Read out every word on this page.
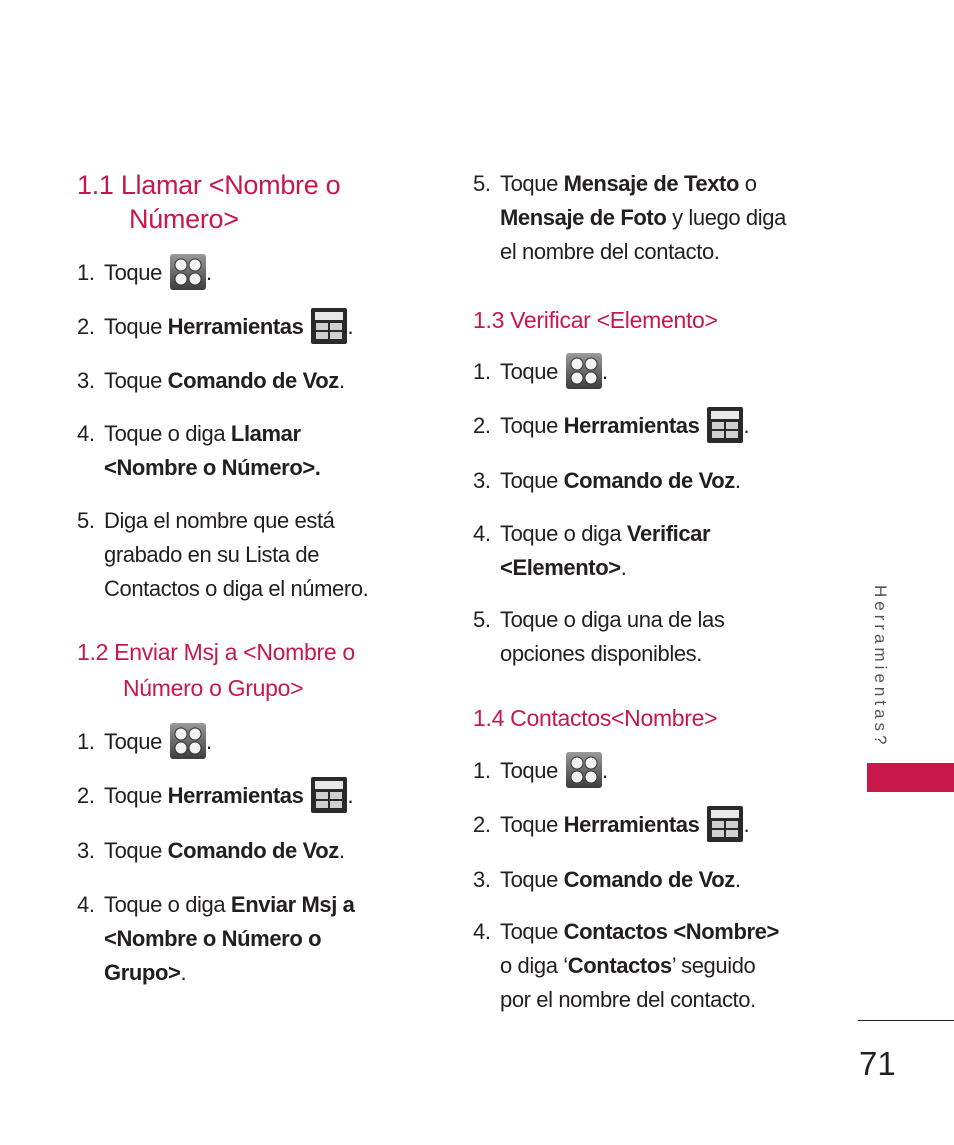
1.1 Llamar <Nombre o
Número>
1. Toque .
2. Toque Herramientas .
3. Toque Comando de Voz.
4. Toque o diga Llamar
<Nombre o Número>.
5. Diga el nombre que está
grabado en su Lista de
Contactos o diga el número.
1.2 Enviar Msj a <Nombre o
Número o Grupo>
1. Toque .
2. Toque Herramientas .
3. Toque Comando de Voz.
4. Toque o diga Enviar Msj a
<Nombre o Número o
Grupo>.
5. Toque Mensaje de Texto o
Mensaje de Foto y luego diga
el nombre del contacto.
1.3 Verificar <Elemento>
1. Toque .
2. Toque Herramientas .
3. Toque Comando de Voz.
4. Toque o diga Verificar
<Elemento>.
5. Toque o diga una de las
opciones disponibles.
1.4 Contactos<Nombre>
1. Toque .
2. Toque Herramientas .
3. Toque Comando de Voz.
4. Toque Contactos <Nombre>
o diga ‘Contactos’ seguido
por el nombre del contacto.
Herramientas?
71
